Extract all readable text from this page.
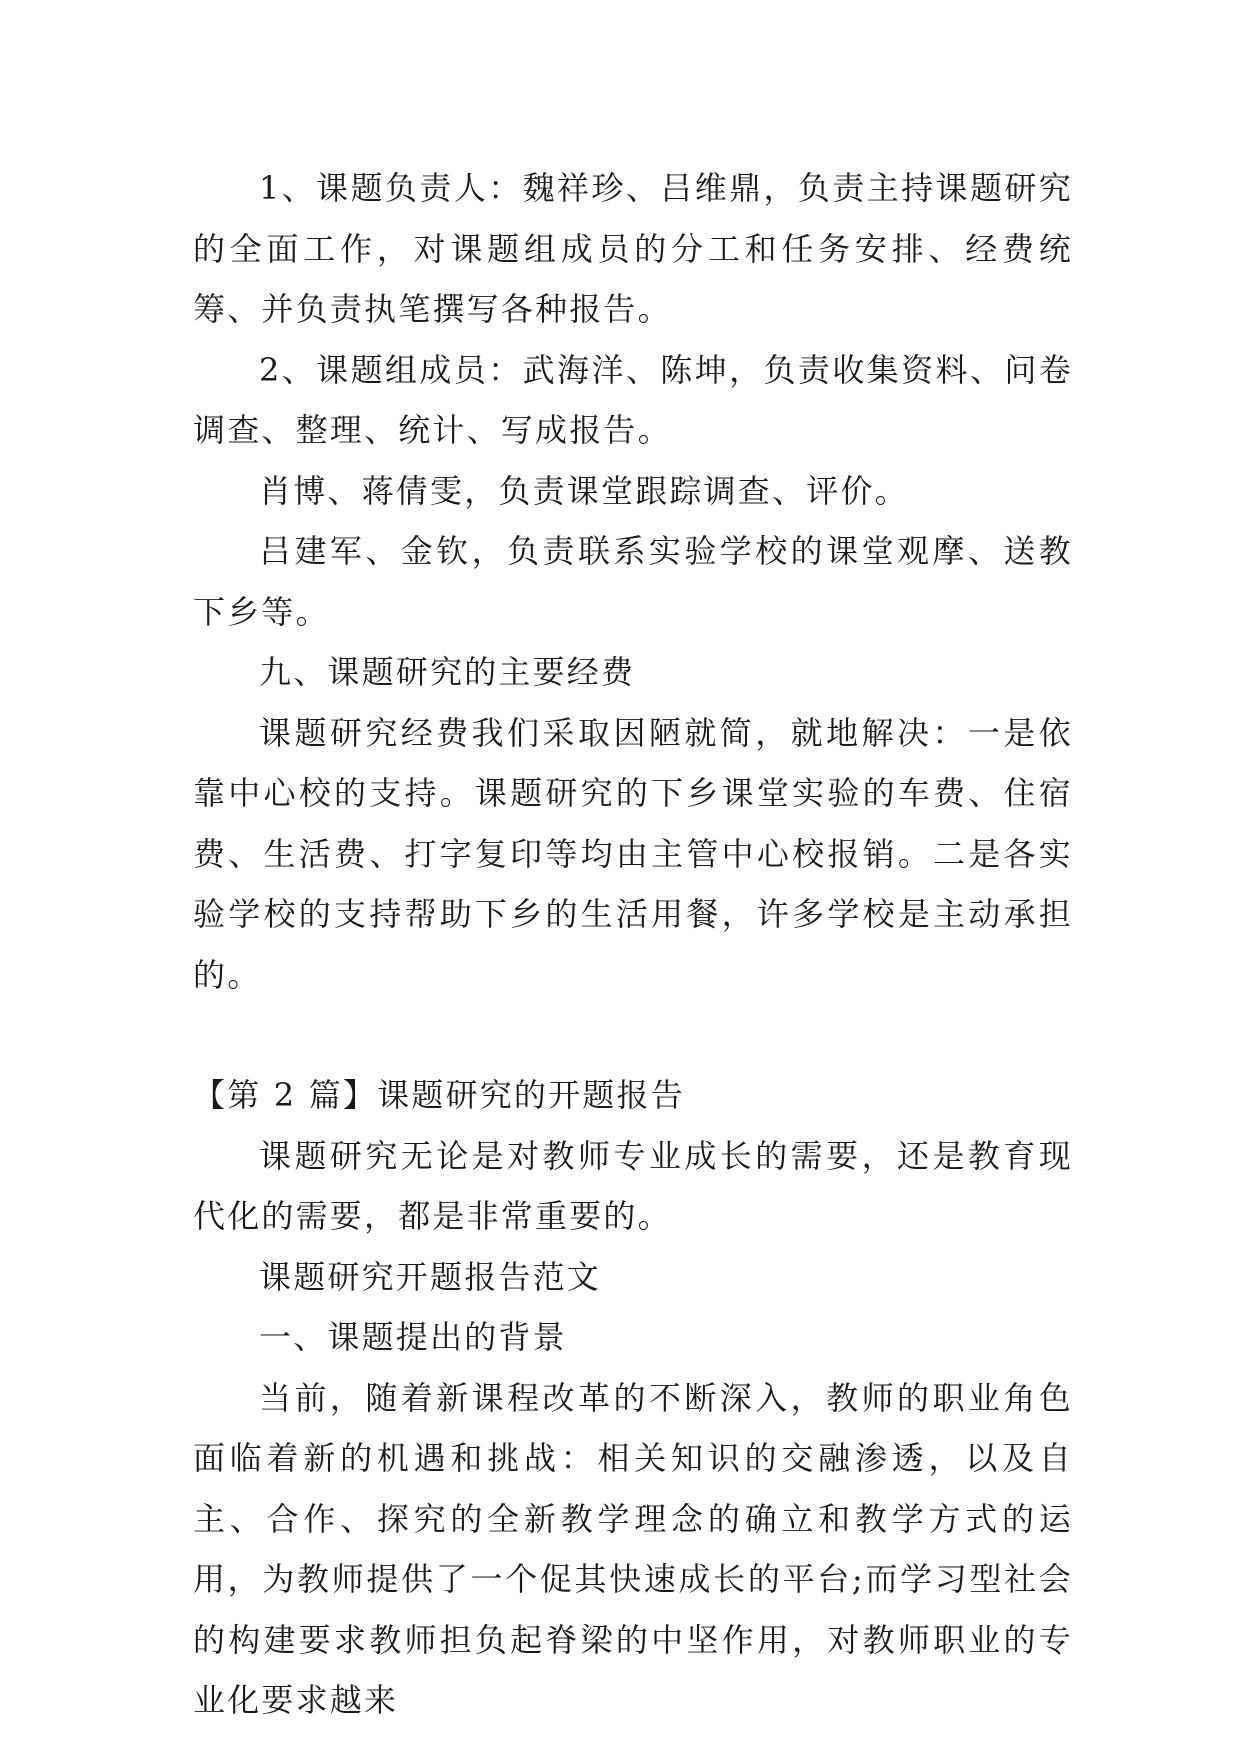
1、课题负责人：魏祥珍、吕维鼎，负责主持课题研究的全面工作，对课题组成员的分工和任务安排、经费统筹、并负责执笔撰写各种报告。

2、课题组成员：武海洋、陈坤，负责收集资料、问卷调查、整理、统计、写成报告。

肖博、蒋倩雯，负责课堂跟踪调查、评价。

吕建军、金钦，负责联系实验学校的课堂观摩、送教下乡等。

九、课题研究的主要经费

课题研究经费我们采取因陋就简，就地解决：一是依靠中心校的支持。课题研究的下乡课堂实验的车费、住宿费、生活费、打字复印等均由主管中心校报销。二是各实验学校的支持帮助下乡的生活用餐，许多学校是主动承担的。

【第 2 篇】课题研究的开题报告

课题研究无论是对教师专业成长的需要，还是教育现代化的需要，都是非常重要的。

课题研究开题报告范文

一、课题提出的背景

当前，随着新课程改革的不断深入，教师的职业角色面临着新的机遇和挑战：相关知识的交融渗透，以及自主、合作、探究的全新教学理念的确立和教学方式的运用，为教师提供了一个促其快速成长的平台;而学习型社会的构建要求教师担负起脊梁的中坚作用，对教师职业的专业化要求越来
